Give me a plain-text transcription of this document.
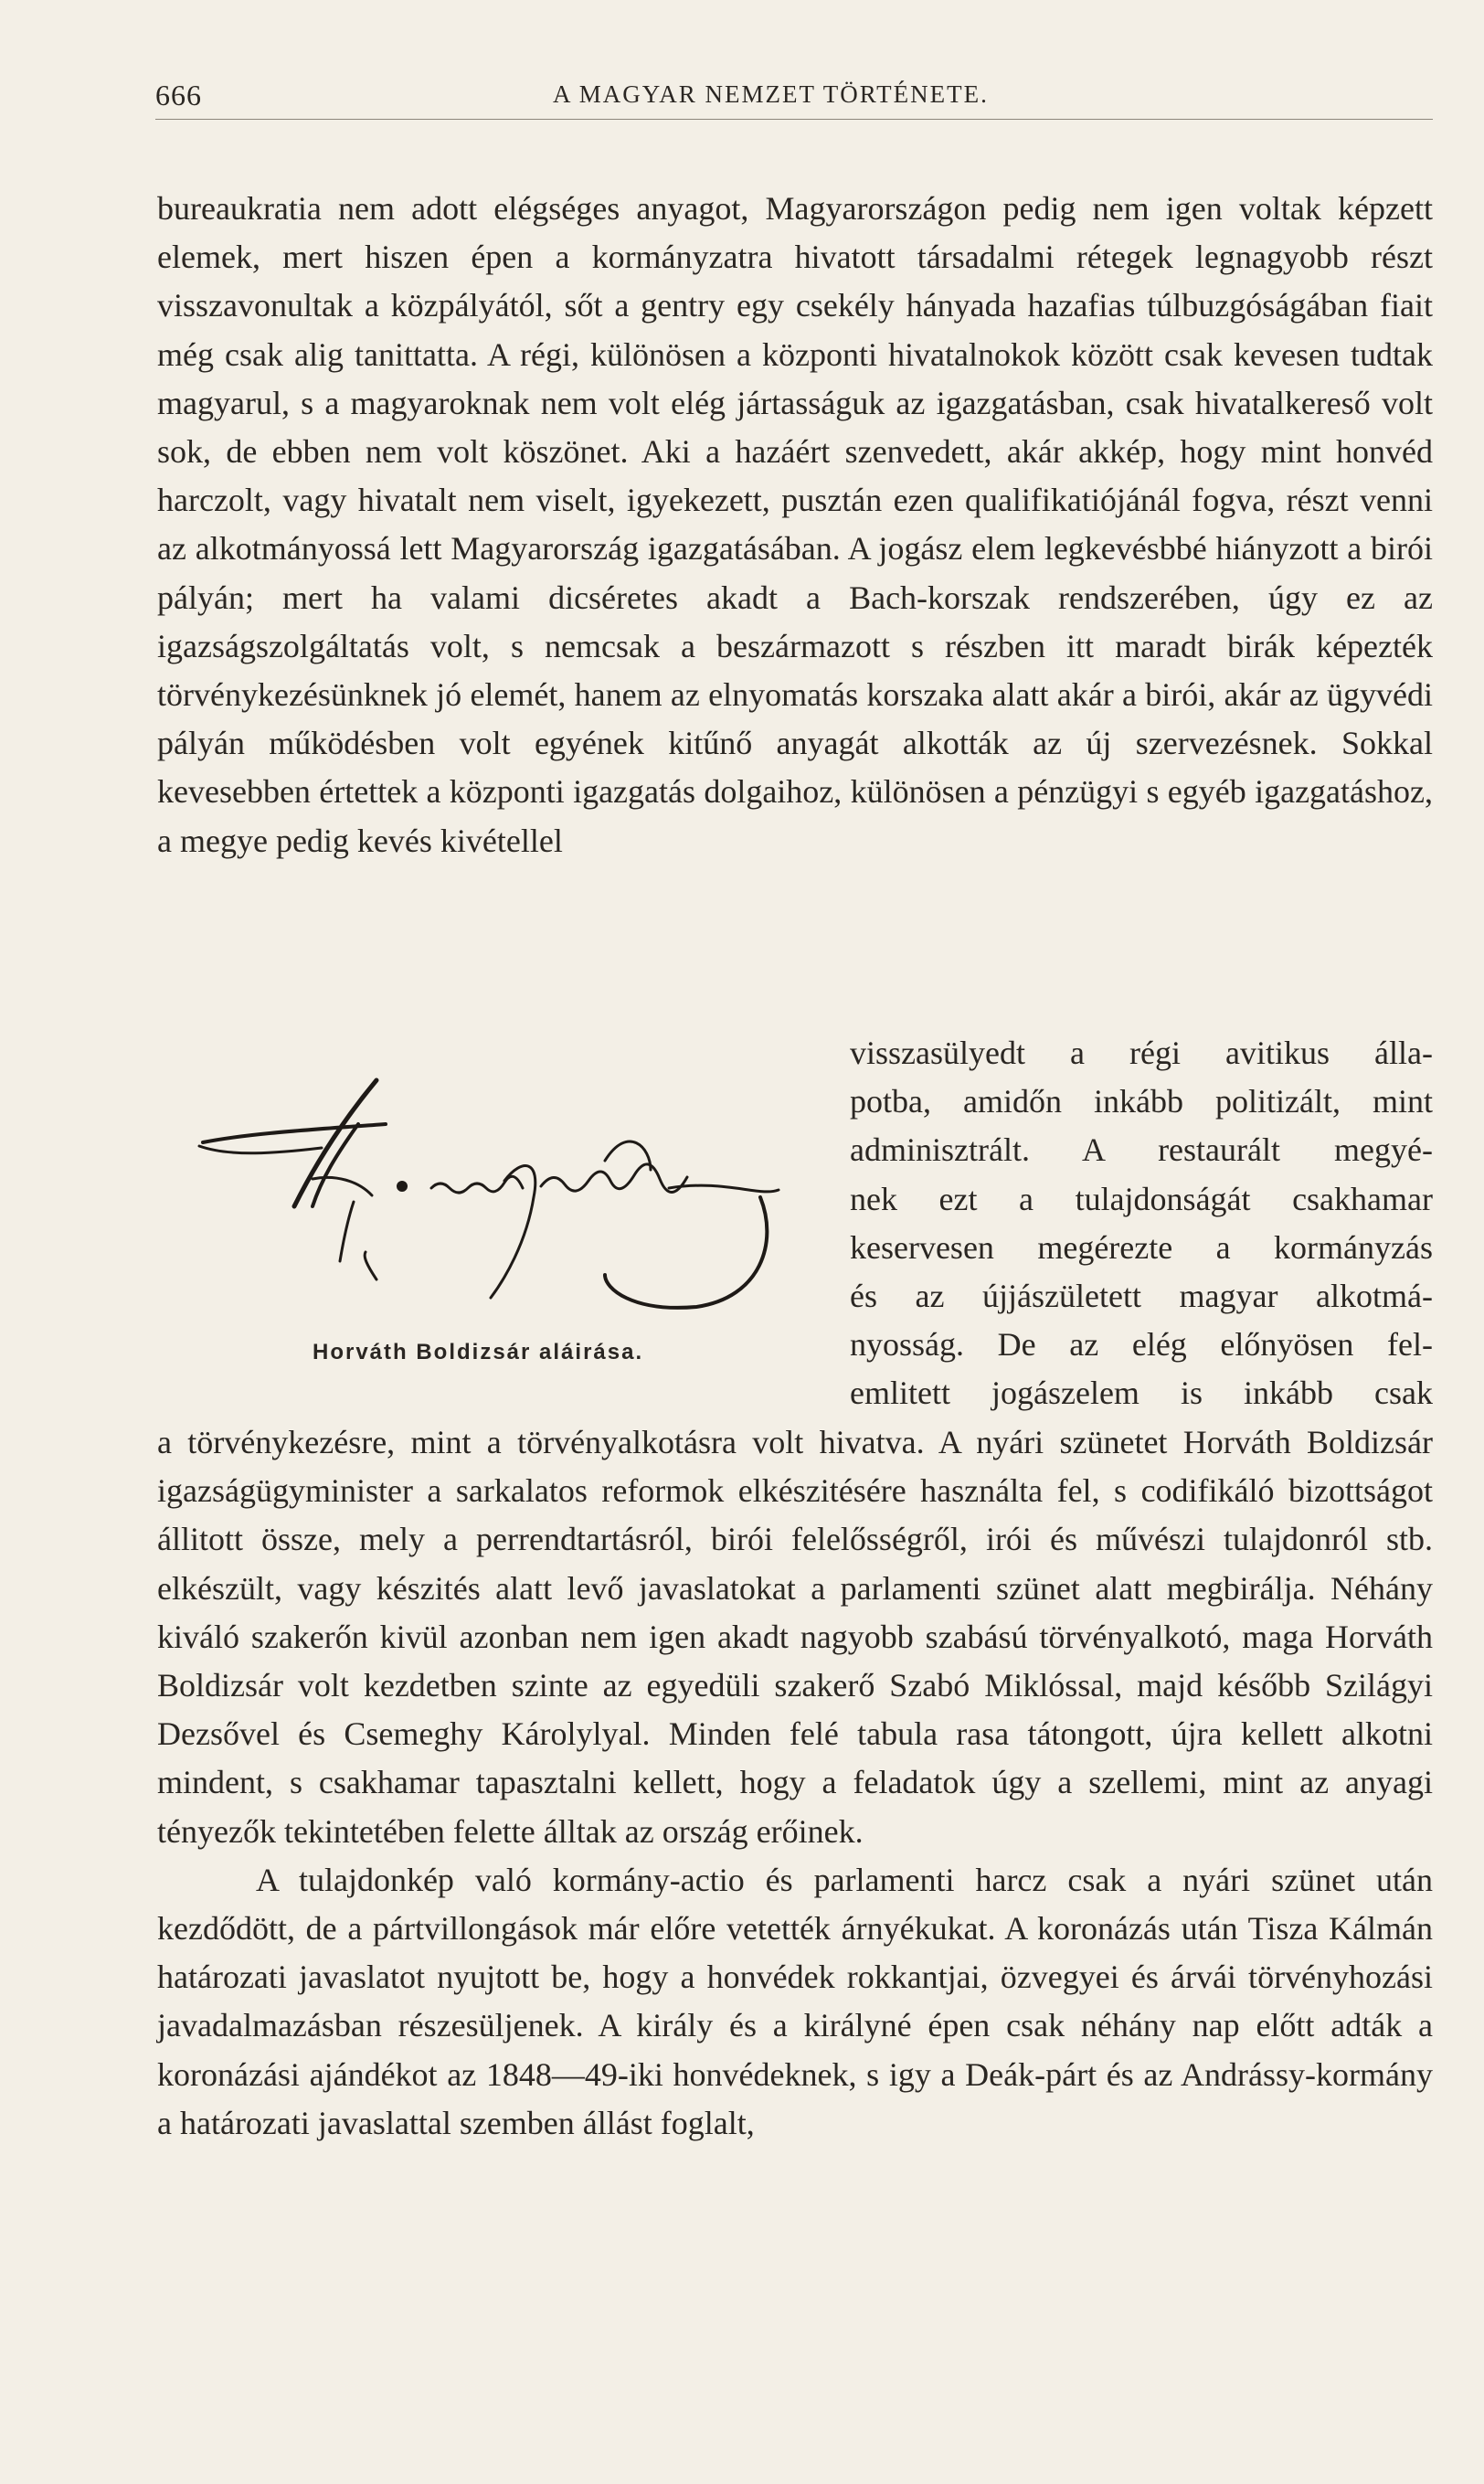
666	A MAGYAR NEMZET TÖRTÉNETE.

bureaukratia nem adott elégséges anyagot, Magyarországon pedig nem igen voltak képzett elemek, mert hiszen épen a kormányzatra hivatott társadalmi rétegek legnagyobb részt visszavonultak a közpályától, sőt a gentry egy csekély hányada hazafias túlbuzgóságában fiait még csak alig tanittatta. A régi, különösen a központi hivatalnokok között csak kevesen tudtak magyarul, s a magyaroknak nem volt elég jártasságuk az igazgatásban, csak hivatalkereső volt sok, de ebben nem volt köszönet. Aki a hazáért szenvedett, akár akkép, hogy mint honvéd harczolt, vagy hivatalt nem viselt, igyekezett, pusztán ezen qualifikatiójánál fogva, részt venni az alkotmányossá lett Magyarország igazgatásában. A jogász elem legkevésbbé hiányzott a birói pályán; mert ha valami dicséretes akadt a Bach-korszak rendszerében, úgy ez az igazságszolgáltatás volt, s nemcsak a beszármazott s részben itt maradt birák képezték törvénykezésünknek jó elemét, hanem az elnyomatás korszaka alatt akár a birói, akár az ügyvédi pályán működésben volt egyének kitűnő anyagát alkották az új szervezésnek. Sokkal kevesebben értettek a központi igazgatás dolgaihoz, különösen a pénzügyi s egyéb igazgatáshoz, a megye pedig kevés kivétellel

Horváth Boldizsár aláirása.
visszasülyedt a régi avitikus álla-
potba, amidőn inkább politizált, mint
adminisztrált. A restaurált megyé-
nek ezt a tulajdonságát csakhamar
keservesen megérezte a kormányzás
és az újjászületett magyar alkotmá-
nyosság. De az elég előnyösen fel-
emlitett jogászelem is inkább csak

a törvénykezésre, mint a törvényalkotásra volt hivatva. A nyári szünetet Horváth Boldizsár igazságügyminister a sarkalatos reformok elkészitésére használta fel, s codifikáló bizottságot állitott össze, mely a perrendtartásról, birói felelősségről, irói és művészi tulajdonról stb. elkészült, vagy készités alatt levő javaslatokat a parlamenti szünet alatt megbirálja. Néhány kiváló szakerőn kivül azonban nem igen akadt nagyobb szabású törvényalkotó, maga Horváth Boldizsár volt kezdetben szinte az egyedüli szakerő Szabó Miklóssal, majd később Szilágyi Dezsővel és Csemeghy Károlylyal. Minden felé tabula rasa tátongott, újra kellett alkotni mindent, s csakhamar tapasztalni kellett, hogy a feladatok úgy a szellemi, mint az anyagi tényezők tekintetében felette álltak az ország erőinek.

A tulajdonkép való kormány-actio és parlamenti harcz csak a nyári szünet után kezdődött, de a pártvillongások már előre vetették árnyékukat. A koronázás után Tisza Kálmán határozati javaslatot nyujtott be, hogy a honvédek rokkantjai, özvegyei és árvái törvényhozási javadalmazásban részesüljenek. A király és a királyné épen csak néhány nap előtt adták a koronázási ajándékot az 1848—49-iki honvédeknek, s igy a Deák-párt és az Andrássy-kormány a határozati javaslattal szemben állást foglalt,
